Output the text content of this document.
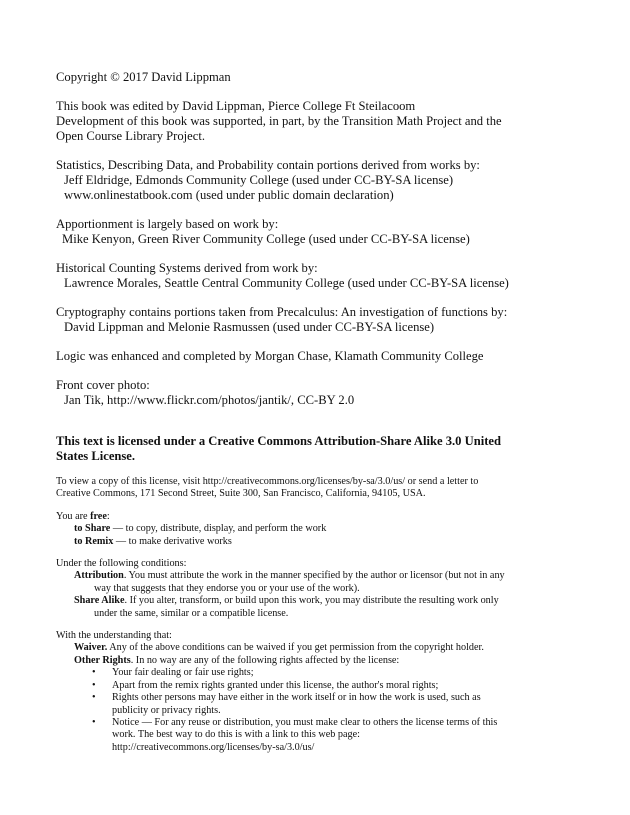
Copyright © 2017 David Lippman

This book was edited by David Lippman, Pierce College Ft Steilacoom

Development of this book was supported, in part, by the Transition Math Project and the

Open Course Library Project.

Statistics, Describing Data, and Probability contain portions derived from works by:

Jeff Eldridge, Edmonds Community College (used under CC-BY-SA license)

www.onlinestatbook.com (used under public domain declaration)

Apportionment is largely based on work by:

Mike Kenyon, Green River Community College (used under CC-BY-SA license)

Historical Counting Systems derived from work by:

Lawrence Morales, Seattle Central Community College (used under CC-BY-SA license)

Cryptography contains portions taken from Precalculus: An investigation of functions by:

David Lippman and Melonie Rasmussen (used under CC-BY-SA license)

Logic was enhanced and completed by Morgan Chase, Klamath Community College

Front cover photo:

Jan Tik, http://www.flickr.com/photos/jantik/, CC-BY 2.0

This text is licensed under a Creative Commons Attribution-Share Alike 3.0 United
States License.

To view a copy of this license, visit http://creativecommons.org/licenses/by-sa/3.0/us/ or send a letter to

Creative Commons, 171 Second Street, Suite 300, San Francisco, California, 94105, USA.

You are free:

to Share — to copy, distribute, display, and perform the work

to Remix — to make derivative works

Under the following conditions:

Attribution. You must attribute the work in the manner specified by the author or licensor (but not in any

way that suggests that they endorse you or your use of the work).

Share Alike. If you alter, transform, or build upon this work, you may distribute the resulting work only

under the same, similar or a compatible license.

With the understanding that:

Waiver. Any of the above conditions can be waived if you get permission from the copyright holder.

Other Rights. In no way are any of the following rights affected by the license:

• Your fair dealing or fair use rights;
• Apart from the remix rights granted under this license, the author's moral rights;
• Rights other persons may have either in the work itself or in how the work is used, such as
publicity or privacy rights.
• Notice — For any reuse or distribution, you must make clear to others the license terms of this
work. The best way to do this is with a link to this web page:
http://creativecommons.org/licenses/by-sa/3.0/us/
